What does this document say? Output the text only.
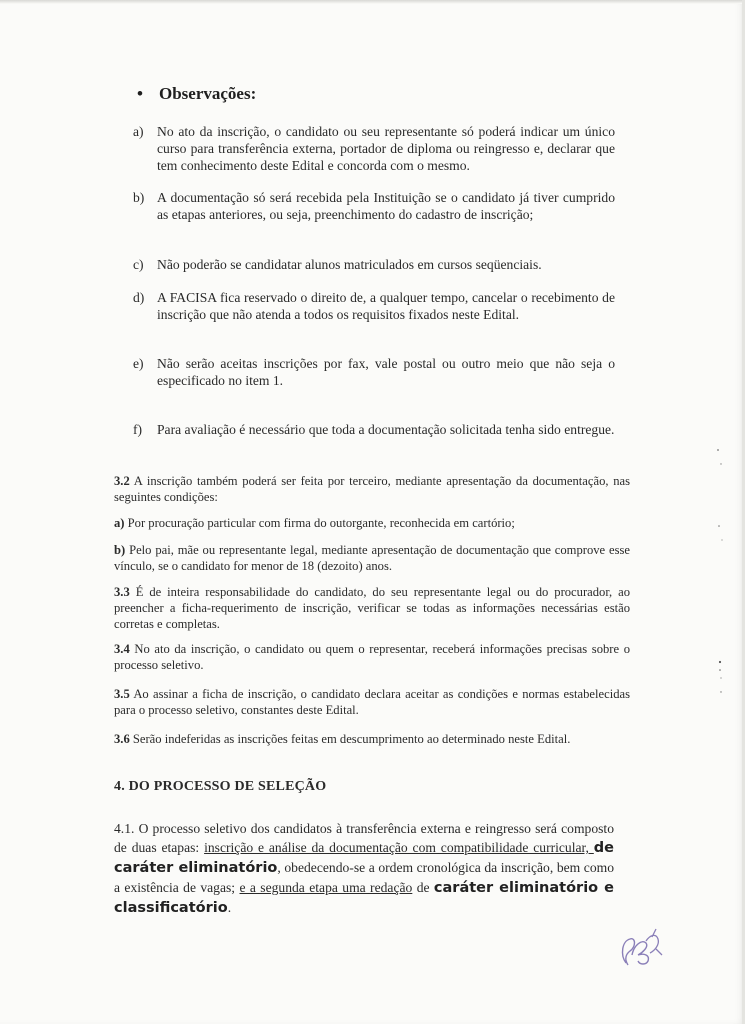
• Observações:
a) No ato da inscrição, o candidato ou seu representante só poderá indicar um único curso para transferência externa, portador de diploma ou reingresso e, declarar que tem conhecimento deste Edital e concorda com o mesmo.
b) A documentação só será recebida pela Instituição se o candidato já tiver cumprido as etapas anteriores, ou seja, preenchimento do cadastro de inscrição;
c) Não poderão se candidatar alunos matriculados em cursos seqüenciais.
d) A FACISA fica reservado o direito de, a qualquer tempo, cancelar o recebimento de inscrição que não atenda a todos os requisitos fixados neste Edital.
e) Não serão aceitas inscrições por fax, vale postal ou outro meio que não seja o especificado no item 1.
f) Para avaliação é necessário que toda a documentação solicitada tenha sido entregue.
3.2 A inscrição também poderá ser feita por terceiro, mediante apresentação da documentação, nas seguintes condições:
a) Por procuração particular com firma do outorgante, reconhecida em cartório;
b) Pelo pai, mãe ou representante legal, mediante apresentação de documentação que comprove esse vínculo, se o candidato for menor de 18 (dezoito) anos.
3.3 É de inteira responsabilidade do candidato, do seu representante legal ou do procurador, ao preencher a ficha-requerimento de inscrição, verificar se todas as informações necessárias estão corretas e completas.
3.4 No ato da inscrição, o candidato ou quem o representar, receberá informações precisas sobre o processo seletivo.
3.5 Ao assinar a ficha de inscrição, o candidato declara aceitar as condições e normas estabelecidas para o processo seletivo, constantes deste Edital.
3.6 Serão indeferidas as inscrições feitas em descumprimento ao determinado neste Edital.
4. DO PROCESSO DE SELEÇÃO
4.1. O processo seletivo dos candidatos à transferência externa e reingresso será composto de duas etapas: inscrição e análise da documentação com compatibilidade curricular, de caráter eliminatório, obedecendo-se a ordem cronológica da inscrição, bem como a existência de vagas; e a segunda etapa uma redação de caráter eliminatório e classificatório.
